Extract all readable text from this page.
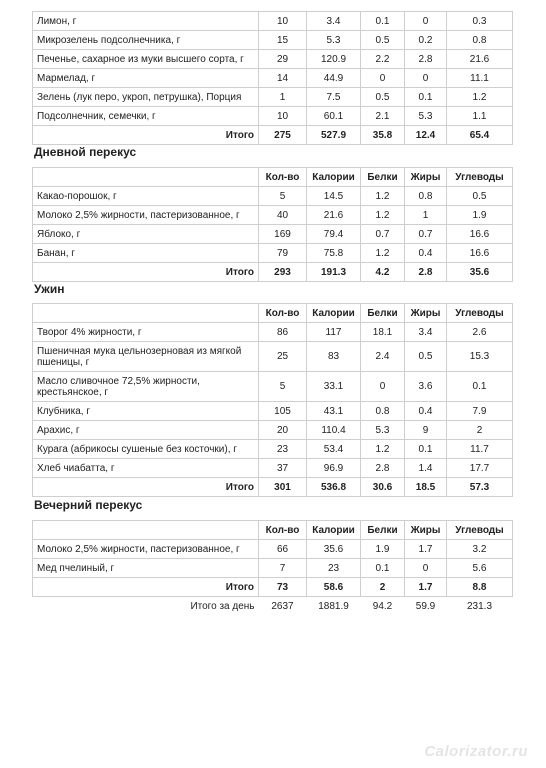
Лимон, г	10	3.4	0.1	0	0.3
Микрозелень подсолнечника, г	15	5.3	0.5	0.2	0.8
Печенье, сахарное из муки высшего сорта, г	29	120.9	2.2	2.8	21.6
Мармелад, г	14	44.9	0	0	11.1
Зелень (лук перо, укроп, петрушка), Порция	1	7.5	0.5	0.1	1.2
Подсолнечник, семечки, г	10	60.1	2.1	5.3	1.1
Итого	275	527.9	35.8	12.4	65.4
Дневной перекус
	Кол-во	Калории	Белки	Жиры	Углеводы
Какао-порошок, г	5	14.5	1.2	0.8	0.5
Молоко 2,5% жирности, пастеризованное, г	40	21.6	1.2	1	1.9
Яблоко, г	169	79.4	0.7	0.7	16.6
Банан, г	79	75.8	1.2	0.4	16.6
Итого	293	191.3	4.2	2.8	35.6
Ужин
	Кол-во	Калории	Белки	Жиры	Углеводы
Творог 4% жирности, г	86	117	18.1	3.4	2.6
Пшеничная мука цельнозерновая из мягкой пшеницы, г	25	83	2.4	0.5	15.3
Масло сливочное 72,5% жирности, крестьянское, г	5	33.1	0	3.6	0.1
Клубника, г	105	43.1	0.8	0.4	7.9
Арахис, г	20	110.4	5.3	9	2
Курага (абрикосы сушеные без косточки), г	23	53.4	1.2	0.1	11.7
Хлеб чиабатта, г	37	96.9	2.8	1.4	17.7
Итого	301	536.8	30.6	18.5	57.3
Вечерний перекус
	Кол-во	Калории	Белки	Жиры	Углеводы
Молоко 2,5% жирности, пастеризованное, г	66	35.6	1.9	1.7	3.2
Мед пчелиный, г	7	23	0.1	0	5.6
Итого	73	58.6	2	1.7	8.8
Итого за день	2637	1881.9	94.2	59.9	231.3
Calorizator.ru
